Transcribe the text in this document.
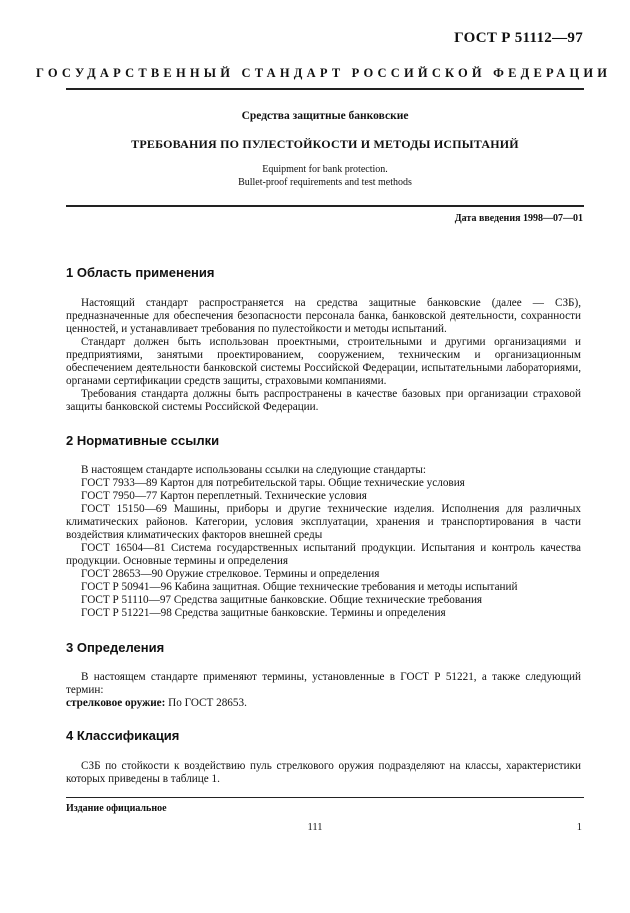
ГОСТ Р 51112—97
ГОСУДАРСТВЕННЫЙ СТАНДАРТ РОССИЙСКОЙ ФЕДЕРАЦИИ
Средства защитные банковские
ТРЕБОВАНИЯ ПО ПУЛЕСТОЙКОСТИ И МЕТОДЫ ИСПЫТАНИЙ
Equipment for bank protection.
Bullet-proof requirements and test methods
Дата введения 1998—07—01
1 Область применения

Настоящий стандарт распространяется на средства защитные банковские (далее — СЗБ), предназначенные для обеспечения безопасности персонала банка, банковской деятельности, сохранности ценностей, и устанавливает требования по пулестойкости и методы испытаний.

Стандарт должен быть использован проектными, строительными и другими организациями и предприятиями, занятыми проектированием, сооружением, техническим и организационным обеспечением деятельности банковской системы Российской Федерации, испытательными лабораториями, органами сертификации средств защиты, страховыми компаниями.

Требования стандарта должны быть распространены в качестве базовых при организации страховой защиты банковской системы Российской Федерации.

2 Нормативные ссылки

В настоящем стандарте использованы ссылки на следующие стандарты:

ГОСТ 7933—89 Картон для потребительской тары. Общие технические условия

ГОСТ 7950—77 Картон переплетный. Технические условия

ГОСТ 15150—69 Машины, приборы и другие технические изделия. Исполнения для различных климатических районов. Категории, условия эксплуатации, хранения и транспортирования в части воздействия климатических факторов внешней среды

ГОСТ 16504—81 Система государственных испытаний продукции. Испытания и контроль качества продукции. Основные термины и определения

ГОСТ 28653—90 Оружие стрелковое. Термины и определения

ГОСТ Р 50941—96 Кабина защитная. Общие технические требования и методы испытаний

ГОСТ Р 51110—97 Средства защитные банковские. Общие технические требования

ГОСТ Р 51221—98 Средства защитные банковские. Термины и определения

3 Определения

В настоящем стандарте применяют термины, установленные в ГОСТ Р 51221, а также следующий термин:

стрелковое оружие: По ГОСТ 28653.

4 Классификация

СЗБ по стойкости к воздействию пуль стрелкового оружия подразделяют на классы, характеристики которых приведены в таблице 1.

Издание официальное
111	1
